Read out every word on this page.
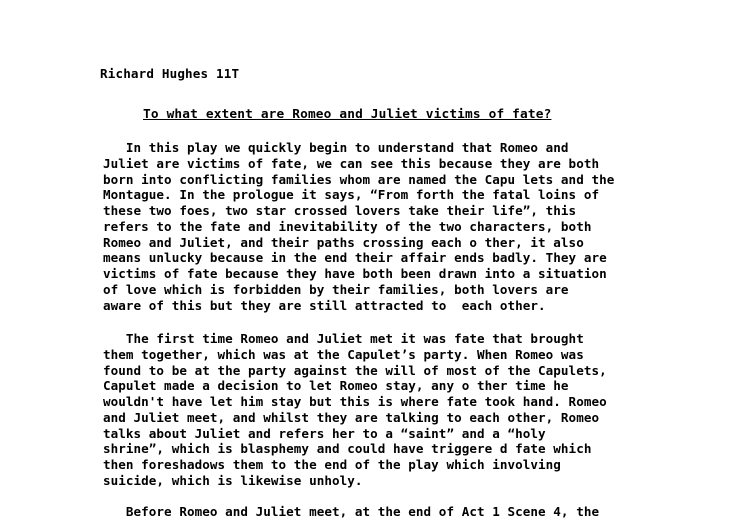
Richard Hughes 11T
To what extent are Romeo and Juliet victims of fate?
In this play we quickly begin to understand that Romeo and
Juliet are victims of fate, we can see this because they are both
born into conflicting families whom are named the Capu lets and the
Montague. In the prologue it says, “From forth the fatal loins of
these two foes, two star crossed lovers take their life”, this
refers to the fate and inevitability of the two characters, both
Romeo and Juliet, and their paths crossing each o ther, it also
means unlucky because in the end their affair ends badly. They are
victims of fate because they have both been drawn into a situation
of love which is forbidden by their families, both lovers are
aware of this but they are still attracted to  each other.
The first time Romeo and Juliet met it was fate that brought
them together, which was at the Capulet’s party. When Romeo was
found to be at the party against the will of most of the Capulets,
Capulet made a decision to let Romeo stay, any o ther time he
wouldn't have let him stay but this is where fate took hand. Romeo
and Juliet meet, and whilst they are talking to each other, Romeo
talks about Juliet and refers her to a “saint” and a “holy
shrine”, which is blasphemy and could have triggere d fate which
then foreshadows them to the end of the play which involving
suicide, which is likewise unholy.
Before Romeo and Juliet meet, at the end of Act 1 Scene 4, the
